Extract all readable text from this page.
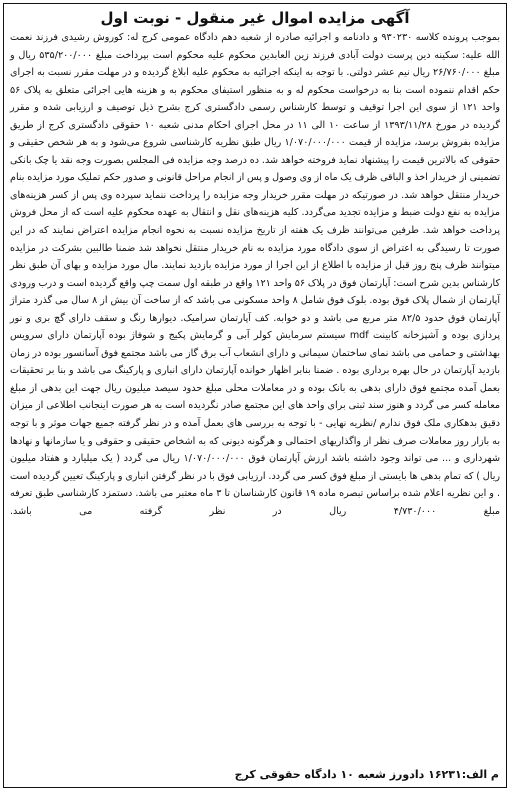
آگهی مزایده اموال غیر منقول - نوبت اول

بموجب پرونده کلاسه ۹۳۰۲۳۰ و دادنامه و اجرائیه صادره از شعبه دهم دادگاه عمومی کرج له: کوروش رشیدی فرزند نعمت الله علیه: سکینه دین پرست دولت آبادی فرزند زین العابدین محکوم علیه محکوم است بپرداخت مبلغ ۵۳۵/۲۰۰/۰۰۰ ریال و مبلغ ۲۶/۷۶۰/۰۰۰ ریال نیم عشر دولتی. با توجه به اینکه اجرائیه به محکوم علیه ابلاغ گردیده و در مهلت مقرر نسبت به اجرای حکم اقدام ننموده است بنا به درخواست محکوم له و به منظور استیفای محکوم به و هزینه هایی اجرائی متعلق به پلاک ۵۶ واحد ۱۲۱ از سوی این اجرا توقیف و توسط کارشناس رسمی دادگستری کرج بشرح ذیل توصیف و ارزیابی شده و مقرر گردیده در مورخ ۱۳۹۳/۱۱/۲۸ از ساعت ۱۰ الی ۱۱ در محل اجرای احکام مدنی شعبه ۱۰ حقوقی دادگستری کرج از طریق مزایده بفروش برسد، مزایده از قیمت ۱/۰۷۰/۰۰۰/۰۰۰ ریال طبق نظریه کارشناسی شروع می‌شود و به هر شخص حقیقی و حقوقی که بالاترین قیمت را پیشنهاد نماید فروخته خواهد شد. ده درصد وجه مزایده فی المجلس بصورت وجه نقد یا چک بانکی تضمینی از خریدار اخذ و الباقی ظرف یک ماه از وی وصول و پس از انجام مراحل قانونی و صدور حکم تملیک مورد مزایده بنام خریدار منتقل خواهد شد. در صورتیکه در مهلت مقرر خریدار وجه مزایده را پرداخت ننماید سپرده وی پس از کسر هزینه‌های مزایده به نفع دولت ضبط و مزایده تجدید می‌گردد. کلیه هزینه‌های نقل و انتقال به عهده محکوم علیه است که از محل فروش پرداخت خواهد شد. طرفین می‌توانند ظرف یک هفته از تاریخ مزایده نسبت به نحوه انجام مزایده اعتراض نمایند که در این صورت تا رسیدگی به اعتراض از سوی دادگاه مورد مزایده به نام خریدار منتقل نخواهد شد ضمنا طالبین بشرکت در مزایده میتوانند ظرف پنج روز قبل از مزایده با اطلاع از این اجرا از مورد مزایده بازدید نمایند. مال مورد مزایده و بهای آن طبق نظر کارشناس بدین شرح است: آپارتمان فوق در پلاک ۵۶ واحد ۱۲۱ واقع در طبقه اول سمت چپ واقع گردیده است و درب ورودی آپارتمان از شمال پلاک فوق بوده. بلوک فوق شامل ۸ واحد مسکونی می باشد که از ساخت آن بیش از ۸ سال می گذرد متراژ آپارتمان فوق حدود ۸۲/۵ متر مربع می باشد و دو خوابه. کف آپارتمان سرامیک. دیوارها رنگ و سقف دارای گچ بری و نور پردازی بوده و آشپزخانه کابینت mdf سیستم سرمایش کولر آبی و گرمایش پکیج و شوفاژ بوده آپارتمان دارای سرویس بهداشتی و حمامی می باشد نمای ساختمان سیمانی و دارای انشعاب آب برق گاز می باشد مجتمع فوق آسانسور بوده در زمان بازدید آپارتمان در حال بهره برداری بوده . ضمنا بنابر اظهار خوانده آپارتمان دارای انباری و پارکینگ می باشد و بنا بر تحقیقات بعمل آمده مجتمع فوق دارای بدهی به بانک بوده و در معاملات محلی مبلغ حدود سیصد میلیون ریال جهت این بدهی از مبلغ معامله کسر می گردد و هنوز سند ثبتی برای واحد های این مجتمع صادر نگردیده است به هر صورت اینجانب اطلاعی از میزان دقیق بدهکاری ملک فوق ندارم /نظریه نهایی - با توجه به بررسی های بعمل آمده و در نظر گرفته جمیع جهات موثر و با توجه به بازار روز معاملات صرف نظر از واگذاریهای احتمالی و هرگونه دیونی که به اشخاص حقیقی و حقوقی و یا سازمانها و نهادها شهرداری و ... می تواند وجود داشته باشد ارزش آپارتمان فوق ۱/۰۷۰/۰۰۰/۰۰۰ ریال می گردد ( یک میلیارد و هفتاد میلیون ریال ) که تمام بدهی ها بایستی از مبلغ فوق کسر می گردد. ارزیابی فوق با در نظر گرفتن انباری و پارکینگ تعیین گردیده است . و این نظریه اعلام شده براساس تبصره ماده ۱۹ قانون کارشناسان تا ۳ ماه معتبر می باشد. دستمزد کارشناسی طبق تعرفه مبلغ ۴/۷۳۰/۰۰۰ ریال در نظر گرفته می باشد.

م الف:۱۶۲۳۱ دادورز شعبه ۱۰ دادگاه حقوقی کرج
